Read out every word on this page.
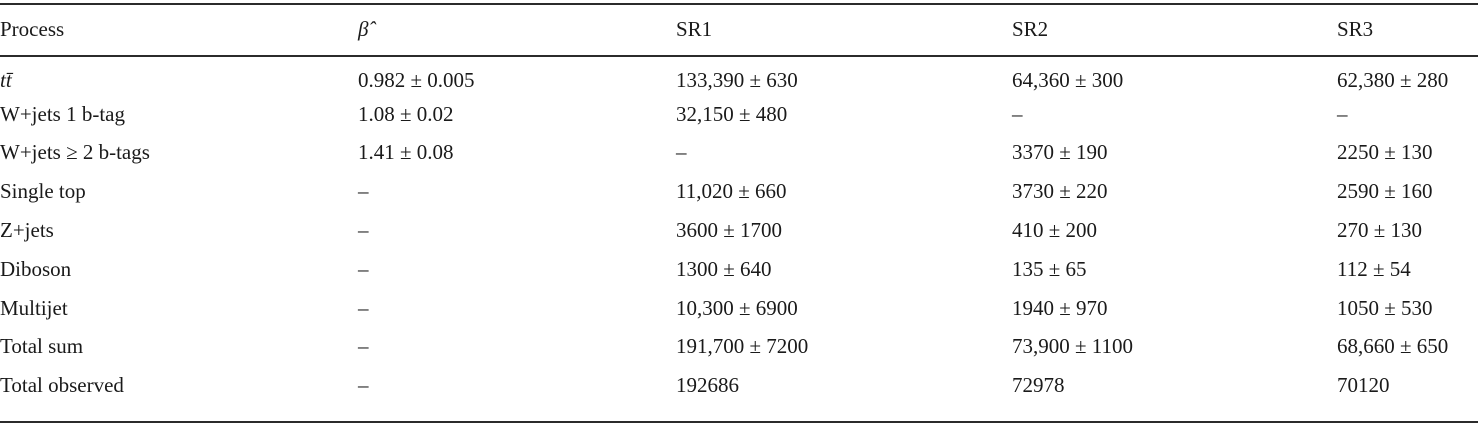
Process	β̂	SR1	SR2	SR3
tt̄	0.982 ± 0.005	133,390 ± 630	64,360 ± 300	62,380 ± 280
W+jets 1 b-tag	1.08 ± 0.02	32,150 ± 480	–	–
W+jets ≥ 2 b-tags	1.41 ± 0.08	–	3370 ± 190	2250 ± 130
Single top	–	11,020 ± 660	3730 ± 220	2590 ± 160
Z+jets	–	3600 ± 1700	410 ± 200	270 ± 130
Diboson	–	1300 ± 640	135 ± 65	112 ± 54
Multijet	–	10,300 ± 6900	1940 ± 970	1050 ± 530
Total sum	–	191,700 ± 7200	73,900 ± 1100	68,660 ± 650
Total observed	–	192686	72978	70120
